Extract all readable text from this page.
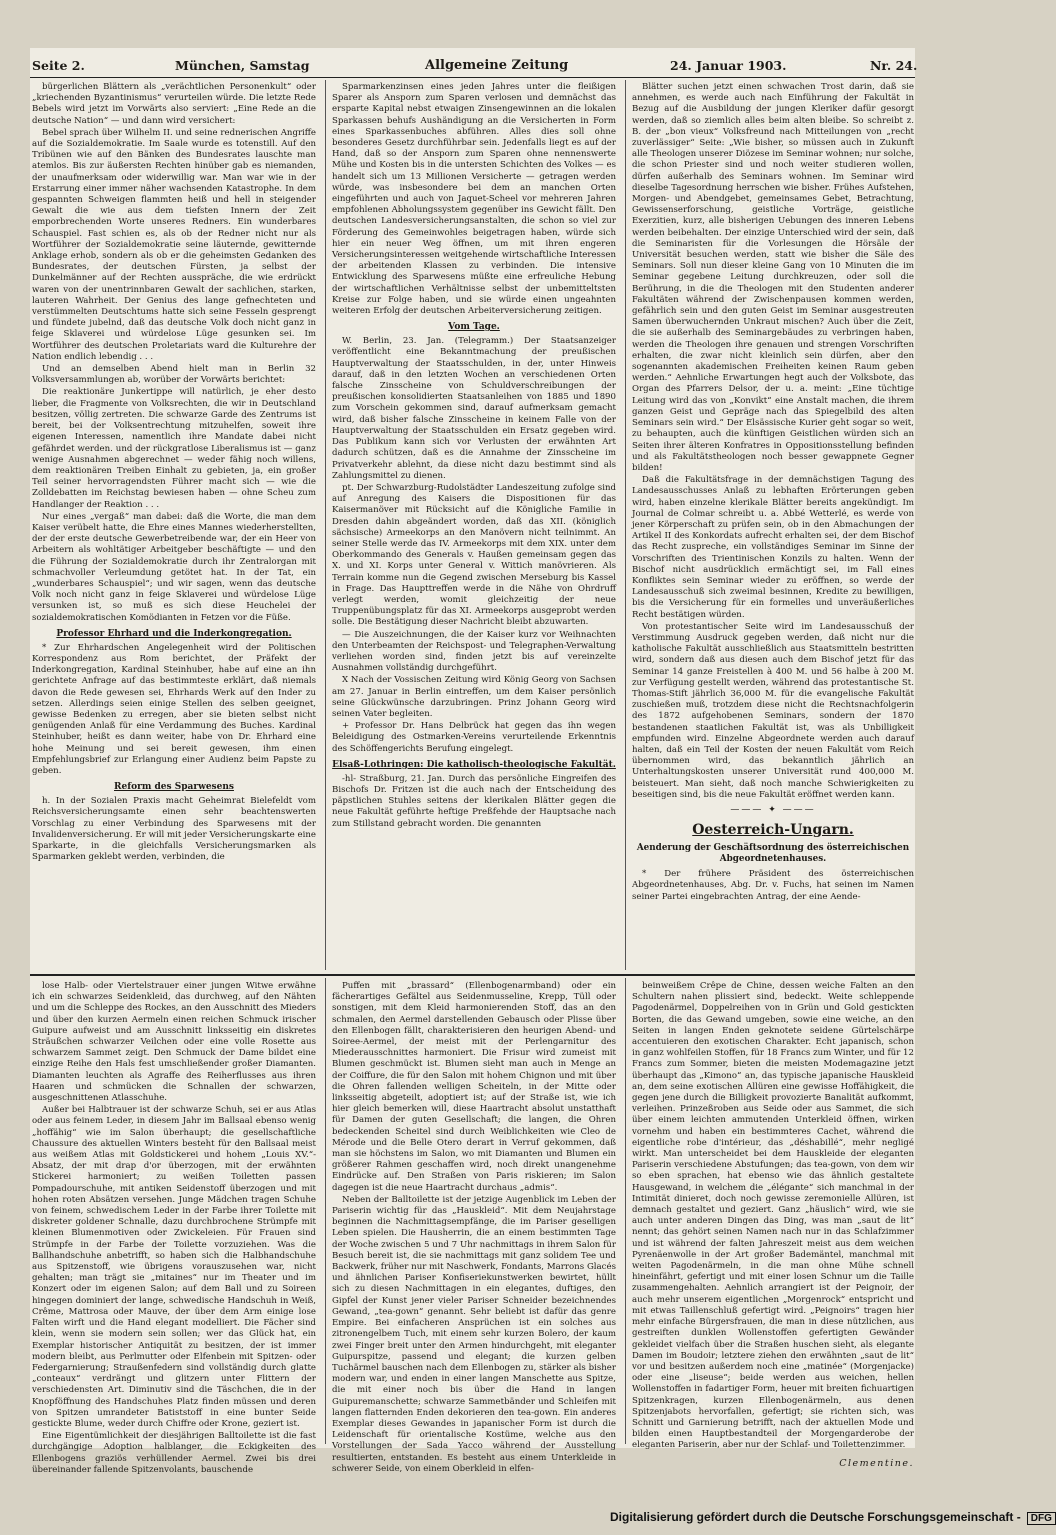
Seite 2.	München, Samstag	Allgemeine Zeitung	24. Januar 1903.	Nr. 24.

bürgerlichen Blättern als „verächtlichen Personenkult“ oder „kriechenden Byzantinismus“ verurteilen würde. Die letzte Rede Bebels wird jetzt im Vorwärts also serviert: „Eine Rede an die deutsche Nation“ — und dann wird versichert:

Bebel sprach über Wilhelm II. und seine rednerischen Angriffe auf die Sozialdemokratie. Im Saale wurde es totenstill. Auf den Tribünen wie auf den Bänken des Bundesrates lauschte man atemlos. Bis zur äußersten Rechten hinüber gab es niemanden, der unaufmerksam oder widerwillig war. Man war wie in der Erstarrung einer immer näher wachsenden Katastrophe. In dem gespannten Schweigen flammten heiß und hell in steigender Gewalt die wie aus dem tiefsten Innern der Zeit emporbrechenden Worte unseres Redners. Ein wunderbares Schauspiel. Fast schien es, als ob der Redner nicht nur als Wortführer der Sozialdemokratie seine läuternde, gewitternde Anklage erhob, sondern als ob er die geheimsten Gedanken des Bundesrates, der deutschen Fürsten, ja selbst der Dunkelmänner auf der Rechten ausspräche, die wie erdrückt waren von der unentrinnbaren Gewalt der sachlichen, starken, lauteren Wahrheit. Der Genius des lange gefnechteten und verstümmelten Deutschtums hatte sich seine Fesseln gesprengt und fündete jubelnd, daß das deutsche Volk doch nicht ganz in feige Sklaverei und würdelose Lüge gesunken sei. Im Wortführer des deutschen Proletariats ward die Kulturehre der Nation endlich lebendig . . .

Und an demselben Abend hielt man in Berlin 32 Volksversammlungen ab, worüber der Vorwärts berichtet:

Die reaktionäre Junkertippe will natürlich, je eher desto lieber, die Fragmente von Volksrechten, die wir in Deutschland besitzen, völlig zertreten. Die schwarze Garde des Zentrums ist bereit, bei der Volksentrechtung mitzuhelfen, soweit ihre eigenen Interessen, namentlich ihre Mandate dabei nicht gefährdet werden. und der rückgratlose Liberalismus ist — ganz wenige Ausnahmen abgerechnet — weder fähig noch willens, dem reaktionären Treiben Einhalt zu gebieten, ja, ein großer Teil seiner hervorragendsten Führer macht sich — wie die Zolldebatten im Reichstag bewiesen haben — ohne Scheu zum Handlanger der Reaktion . . .

Nur eines „vergaß“ man dabei: daß die Worte, die man dem Kaiser verübelt hatte, die Ehre eines Mannes wiederherstellten, der der erste deutsche Gewerbetreibende war, der ein Heer von Arbeitern als wohltätiger Arbeitgeber beschäftigte — und den die Führung der Sozialdemokratie durch ihr Zentralorgan mit schmachvoller Verleumdung getötet hat. In der Tat, ein „wunderbares Schauspiel“; und wir sagen, wenn das deutsche Volk noch nicht ganz in feige Sklaverei und würdelose Lüge versunken ist, so muß es sich diese Heuchelei der sozialdemokratischen Komödianten in Fetzen vor die Füße.

Professor Ehrhard und die Inderkongregation.

* Zur Ehrhardschen Angelegenheit wird der Politischen Korrespondenz aus Rom berichtet, der Präfekt der Inderkongregation, Kardinal Steinhuber, habe auf eine an ihn gerichtete Anfrage auf das bestimmteste erklärt, daß niemals davon die Rede gewesen sei, Ehrhards Werk auf den Inder zu setzen. Allerdings seien einige Stellen des selben geeignet, gewisse Bedenken zu erregen, aber sie bieten selbst nicht genügenden Anlaß für eine Verdammung des Buches. Kardinal Steinhuber, heißt es dann weiter, habe von Dr. Ehrhard eine hohe Meinung und sei bereit gewesen, ihm einen Empfehlungsbrief zur Erlangung einer Audienz beim Papste zu geben.

Reform des Sparwesens

h. In der Sozialen Praxis macht Geheimrat Bielefeldt vom Reichsversicherungsamte einen sehr beachtenswerten Vorschlag zu einer Verbindung des Sparwesens mit der Invalidenversicherung. Er will mit jeder Versicherungskarte eine Sparkarte, in die gleichfalls Versicherungsmarken als Sparmarken geklebt werden, verbinden, die

Sparmarkenzinsen eines jeden Jahres unter die fleißigen Sparer als Ansporn zum Sparen verlosen und demnächst das ersparte Kapital nebst etwaigen Zinsengewinnen an die lokalen Sparkassen behufs Aushändigung an die Versicherten in Form eines Sparkassenbuches abführen. Alles dies soll ohne besonderes Gesetz durchführbar sein. Jedenfalls liegt es auf der Hand, daß so der Ansporn zum Sparen ohne nennenswerte Mühe und Kosten bis in die untersten Schichten des Volkes — es handelt sich um 13 Millionen Versicherte — getragen werden würde, was insbesondere bei dem an manchen Orten eingeführten und auch von Jaquet-Scheel vor mehreren Jahren empfohlenen Abholungssystem gegenüber ins Gewicht fällt. Den deutschen Landesversicherungsanstalten, die schon so viel zur Förderung des Gemeinwohles beigetragen haben, würde sich hier ein neuer Weg öffnen, um mit ihren engeren Versicherungsinteressen weitgehende wirtschaftliche Interessen der arbeitenden Klassen zu verbinden. Die intensive Entwicklung des Sparwesens müßte eine erfreuliche Hebung der wirtschaftlichen Verhältnisse selbst der unbemitteltsten Kreise zur Folge haben, und sie würde einen ungeahnten weiteren Erfolg der deutschen Arbeiterversicherung zeitigen.

Vom Tage.

W. Berlin, 23. Jan. (Telegramm.) Der Staatsanzeiger veröffentlicht eine Bekanntmachung der preußischen Hauptverwaltung der Staatsschulden, in der, unter Hinweis darauf, daß in den letzten Wochen an verschiedenen Orten falsche Zinsscheine von Schuldverschreibungen der preußischen konsolidierten Staatsanleihen von 1885 und 1890 zum Vorschein gekommen sind, darauf aufmerksam gemacht wird, daß bisher falsche Zinsscheine in keinem Falle von der Hauptverwaltung der Staatsschulden ein Ersatz gegeben wird. Das Publikum kann sich vor Verlusten der erwähnten Art dadurch schützen, daß es die Annahme der Zinsscheine im Privatverkehr ablehnt, da diese nicht dazu bestimmt sind als Zahlungsmittel zu dienen.

pt. Der Schwarzburg-Rudolstädter Landeszeitung zufolge sind auf Anregung des Kaisers die Dispositionen für das Kaisermanöver mit Rücksicht auf die Königliche Familie in Dresden dahin abgeändert worden, daß das XII. (königlich sächsische) Armeekorps an den Manövern nicht teilnimmt. An seiner Stelle werde das IV. Armeekorps mit dem XIX. unter dem Oberkommando des Generals v. Haußen gemeinsam gegen das X. und XI. Korps unter General v. Wittich manövrieren. Als Terrain komme nun die Gegend zwischen Merseburg bis Kassel in Frage. Das Haupttreffen werde in die Nähe von Ohrdruff verlegt werden, womit gleichzeitig der neue Truppenübungsplatz für das XI. Armeekorps ausgeprobt werden solle. Die Bestätigung dieser Nachricht bleibt abzuwarten.

— Die Auszeichnungen, die der Kaiser kurz vor Weihnachten den Unterbeamten der Reichspost- und Telegraphen-Verwaltung verliehen worden sind, finden jetzt bis auf vereinzelte Ausnahmen vollständig durchgeführt.

X Nach der Vossischen Zeitung wird König Georg von Sachsen am 27. Januar in Berlin eintreffen, um dem Kaiser persönlich seine Glückwünsche darzubringen. Prinz Johann Georg wird seinen Vater begleiten.

+ Professor Dr. Hans Delbrück hat gegen das ihn wegen Beleidigung des Ostmarken-Vereins verurteilende Erkenntnis des Schöffengerichts Berufung eingelegt.

Elsaß-Lothringen: Die katholisch-theologische Fakultät.

-hl- Straßburg, 21. Jan. Durch das persönliche Eingreifen des Bischofs Dr. Fritzen ist die auch nach der Entscheidung des päpstlichen Stuhles seitens der klerikalen Blätter gegen die neue Fakultät geführte heftige Preßfehde der Hauptsache nach zum Stillstand gebracht worden. Die genannten

Blätter suchen jetzt einen schwachen Trost darin, daß sie annehmen, es werde auch nach Einführung der Fakultät in Bezug auf die Ausbildung der jungen Kleriker dafür gesorgt werden, daß so ziemlich alles beim alten bleibe. So schreibt z. B. der „bon vieux“ Volksfreund nach Mitteilungen von „recht zuverlässiger“ Seite: „Wie bisher, so müssen auch in Zukunft alle Theologen unserer Diözese im Seminar wohnen; nur solche, die schon Priester sind und noch weiter studieren wollen, dürfen außerhalb des Seminars wohnen. Im Seminar wird dieselbe Tagesordnung herrschen wie bisher. Frühes Aufstehen, Morgen- und Abendgebet, gemeinsames Gebet, Betrachtung, Gewissenserforschung, geistliche Vorträge, geistliche Exerzitien, kurz, alle bisherigen Uebungen des inneren Lebens werden beibehalten. Der einzige Unterschied wird der sein, daß die Seminaristen für die Vorlesungen die Hörsäle der Universität besuchen werden, statt wie bisher die Säle des Seminars. Soll nun dieser kleine Gang von 10 Minuten die im Seminar gegebene Leitung durchkreuzen, oder soll die Berührung, in die die Theologen mit den Studenten anderer Fakultäten während der Zwischenpausen kommen werden, gefährlich sein und den guten Geist im Seminar ausgestreuten Samen überwuchernden Unkraut mischen? Auch über die Zeit, die sie außerhalb des Seminargebäudes zu verbringen haben, werden die Theologen ihre genauen und strengen Vorschriften erhalten, die zwar nicht kleinlich sein dürfen, aber den sogenannten akademischen Freiheiten keinen Raum geben werden.“ Aehnliche Erwartungen hegt auch der Volksbote, das Organ des Pfarrers Delsor, der u. a. meint: „Eine tüchtige Leitung wird das von „Konvikt“ eine Anstalt machen, die ihrem ganzen Geist und Gepräge nach das Spiegelbild des alten Seminars sein wird.“ Der Elsässische Kurier geht sogar so weit, zu behaupten, auch die künftigen Geistlichen würden sich an Seiten ihrer älteren Konfratres in Oppositionsstellung befinden und als Fakultätstheologen noch besser gewappnete Gegner bilden!

Daß die Fakultätsfrage in der demnächstigen Tagung des Landesausschusses Anlaß zu lebhaften Erörterungen geben wird, haben einzelne klerikale Blätter bereits angekündigt. Im Journal de Colmar schreibt u. a. Abbé Wetterlé, es werde von jener Körperschaft zu prüfen sein, ob in den Abmachungen der Artikel II des Konkordats aufrecht erhalten sei, der dem Bischof das Recht zuspreche, ein vollständiges Seminar im Sinne der Vorschriften des Trientinischen Konzils zu halten. Wenn der Bischof nicht ausdrücklich ermächtigt sei, im Fall eines Konfliktes sein Seminar wieder zu eröffnen, so werde der Landesausschuß sich zweimal besinnen, Kredite zu bewilligen, bis die Versicherung für ein formelles und unveräußerliches Recht bestätigen würden.

Von protestantischer Seite wird im Landesausschuß der Verstimmung Ausdruck gegeben werden, daß nicht nur die katholische Fakultät ausschließlich aus Staatsmitteln bestritten wird, sondern daß aus diesen auch dem Bischof jetzt für das Seminar 14 ganze Freistellen à 400 M. und 56 halbe à 200 M. zur Verfügung gestellt werden, während das protestantische St. Thomas-Stift jährlich 36,000 M. für die evangelische Fakultät zuschießen muß, trotzdem diese nicht die Rechtsnachfolgerin des 1872 aufgehobenen Seminars, sondern der 1870 bestandenen staatlichen Fakultät ist, was als Unbilligkeit empfunden wird. Einzelne Abgeordnete werden auch darauf halten, daß ein Teil der Kosten der neuen Fakultät vom Reich übernommen wird, das bekanntlich jährlich an Unterhaltungskosten unserer Universität rund 400,000 M. beisteuert. Man sieht, daß noch manche Schwierigkeiten zu beseitigen sind, bis die neue Fakultät eröffnet werden kann.

——— ✦ ———
Oesterreich-Ungarn.
Aenderung der Geschäftsordnung des österreichischen Abgeordnetenhauses.

* Der frühere Präsident des österreichischen Abgeordnetenhauses, Abg. Dr. v. Fuchs, hat seinen im Namen seiner Partei eingebrachten Antrag, der eine Aende-

lose Halb- oder Viertelstrauer einer jungen Witwe erwähne ich ein schwarzes Seidenkleid, das durchweg, auf den Nähten und um die Schleppe des Rockes, an den Ausschnitt des Mieders und über den kurzen Aermeln einen reichen Schmuck irischer Guipure aufweist und am Ausschnitt linksseitig ein diskretes Sträußchen schwarzer Veilchen oder eine volle Rosette aus schwarzem Sammet zeigt. Den Schmuck der Dame bildet eine einzige Reihe den Hals fest umschließender großer Diamanten. Diamanten leuchten als Agraffe des Reiherflusses aus ihren Haaren und schmücken die Schnallen der schwarzen, ausgeschnittenen Atlasschuhe.

Außer bei Halbtrauer ist der schwarze Schuh, sei er aus Atlas oder aus feinem Leder, in diesem Jahr im Ballsaal ebenso wenig „hoffähig“ wie im Salon überhaupt; die gesellschaftliche Chaussure des aktuellen Winters besteht für den Ballsaal meist aus weißem Atlas mit Goldstickerei und hohem „Louis XV.“-Absatz, der mit drap d'or überzogen, mit der erwähnten Stickerei harmoniert; zu weißen Toiletten passen Pompadourschuhe, mit antiken Seidenstoff überzogen und mit hohen roten Absätzen versehen. Junge Mädchen tragen Schuhe von feinem, schwedischem Leder in der Farbe ihrer Toilette mit diskreter goldener Schnalle, dazu durchbrochene Strümpfe mit kleinen Blumenmotiven oder Zwickeleien. Für Frauen sind Strümpfe in der Farbe der Toilette vorzuziehen. Was die Ballhandschuhe anbetrifft, so haben sich die Halbhandschuhe aus Spitzenstoff, wie übrigens vorauszusehen war, nicht gehalten; man trägt sie „mitaines“ nur im Theater und im Konzert oder im eigenen Salon; auf dem Ball und zu Soireen hingegen dominiert der lange, schwedische Handschuh in Weiß, Crême, Mattrosa oder Mauve, der über dem Arm einige lose Falten wirft und die Hand elegant modelliert. Die Fächer sind klein, wenn sie modern sein sollen; wer das Glück hat, ein Exemplar historischer Antiquität zu besitzen, der ist immer modern bleibt, aus Perlmutter oder Elfenbein mit Spitzen- oder Federgarnierung; Straußenfedern sind vollständig durch glatte „conteaux“ verdrängt und glitzern unter Flittern der verschiedensten Art. Diminutiv sind die Täschchen, die in der Knopföffnung des Handschuhes Platz finden müssen und deren von Spitzen umrandeter Batiststoff in eine bunter Seide gestickte Blume, weder durch Chiffre oder Krone, geziert ist.

Eine Eigentümlichkeit der diesjährigen Balltoilette ist die fast durchgängige Adoption halblanger, die Eckigkeiten des Ellenbogens graziös verhüllender Aermel. Zwei bis drei übereinander fallende Spitzenvolants, bauschende

Puffen mit „brassard“ (Ellenbogenarmband) oder ein fächerartiges Gefältel aus Seidenmusseline, Krepp, Tüll oder sonstigen, mit dem Kleid harmonierenden Stoff, das an den schmalen, den Aermel darstellenden Gebausch oder Plisse über den Ellenbogen fällt, charakterisieren den heurigen Abend- und Soiree-Aermel, der meist mit der Perlengarnitur des Miederausschnittes harmoniert. Die Frisur wird zumeist mit Blumen geschmückt ist. Blumen sieht man auch in Menge an der Coiffure, die für den Salon mit hohem Chignon und mit über die Ohren fallenden welligen Scheiteln, in der Mitte oder linksseitig abgeteilt, adoptiert ist; auf der Straße ist, wie ich hier gleich bemerken will, diese Haartracht absolut unstatthaft für Damen der guten Gesellschaft; die langen, die Ohren bedeckenden Scheitel sind durch Weiblichkeiten wie Cleo de Mérode und die Belle Otero derart in Verruf gekommen, daß man sie höchstens im Salon, wo mit Diamanten und Blumen ein größerer Rahmen geschaffen wird, noch direkt unangenehme Eindrücke auf. Den Straßen von Paris riskieren; im Salon dagegen ist die neue Haartracht durchaus „admis“.

Neben der Balltoilette ist der jetzige Augenblick im Leben der Pariserin wichtig für das „Hauskleid“. Mit dem Neujahrstage beginnen die Nachmittagsempfänge, die im Pariser geselligen Leben spielen. Die Hausherrin, die an einem bestimmten Tage der Woche zwischen 5 und 7 Uhr nachmittags in ihrem Salon für Besuch bereit ist, die sie nachmittags mit ganz solidem Tee und Backwerk, früher nur mit Naschwerk, Fondants, Marrons Glacés und ähnlichen Pariser Konfiseriekunstwerken bewirtet, hüllt sich zu diesen Nachmittagen in ein elegantes, duftiges, den Gipfel der Kunst jener vieler Pariser Schneider bezeichnendes Gewand, „tea-gown“ genannt. Sehr beliebt ist dafür das genre Empire. Bei einfacheren Ansprüchen ist ein solches aus zitronengelbem Tuch, mit einem sehr kurzen Bolero, der kaum zwei Finger breit unter den Armen hindurchgeht, mit eleganter Guipurspitze, passend und elegant; die kurzen gelben Tuchärmel bauschen nach dem Ellenbogen zu, stärker als bisher modern war, und enden in einer langen Manschette aus Spitze, die mit einer noch bis über die Hand in langen Guipuremanschette; schwarze Sammetbänder und Schleifen mit langen flatternden Enden dekorieren den tea-gown. Ein anderes Exemplar dieses Gewandes in japanischer Form ist durch die Leidenschaft für orientalische Kostüme, welche aus den Vorstellungen der Sada Yacco während der Ausstellung resultierten, entstanden. Es besteht aus einem Unterkleide in schwerer Seide, von einem Oberkleid in elfen-

beinweißem Crêpe de Chine, dessen weiche Falten an den Schultern nahen plissiert sind, bedeckt. Weite schleppende Pagodenärmel, Doppelreihen von in Grün und Gold gestickten Borten, die das Gewand umgeben, sowie eine weiche, an den Seiten in langen Enden geknotete seidene Gürtelschärpe accentuieren den exotischen Charakter. Echt japanisch, schon in ganz wohlfeilen Stoffen, für 18 Francs zum Winter, und für 12 Francs zum Sommer, bieten die meisten Modemagazine jetzt überhaupt das „Kimono“ an, das typische japanische Hauskleid an, dem seine exotischen Allüren eine gewisse Hoffähigkeit, die gegen jene durch die Billigkeit provozierte Banalität aufkommt, verleihen. Prinzeßroben aus Seide oder aus Sammet, die sich über einem leichten ammutenden Unterkleid öffnen, wirken vornehm und haben ein bestimmteres Cachet, während die eigentliche robe d'intérieur, das „déshabillé“, mehr negligé wirkt. Man unterscheidet bei dem Hauskleide der eleganten Pariserin verschiedene Abstufungen; das tea-gown, von dem wir so eben sprachen, hat ebenso wie das ähnlich gestaltete Hausgewand, in welchem die „élégante“ sich manchmal in der Intimität dinieret, doch noch gewisse zeremonielle Allüren, ist demnach gestaltet und geziert. Ganz „häuslich“ wird, wie sie auch unter anderen Dingen das Ding, was man „saut de lit“ nennt; das gehört seinen Namen nach nur in das Schlafzimmer und ist während der falten Jahreszeit meist aus dem weichen Pyrenäenwolle in der Art großer Bademäntel, manchmal mit weiten Pagodenärmeln, in die man ohne Mühe schnell hineinfährt, gefertigt und mit einer losen Schnur um die Taille zusammengehalten. Aehnlich arrangiert ist der Peignoir, der auch mehr unserem eigentlichen „Morgenrock“ entspricht und mit etwas Taillenschluß gefertigt wird. „Peignoirs“ tragen hier mehr einfache Bürgersfrauen, die man in diese nützlichen, aus gestreiften dunklen Wollenstoffen gefertigten Gewänder gekleidet vielfach über die Straßen huschen sieht, als elegante Damen im Boudoir; letztere ziehen den erwähnten „saut de lit“ vor und besitzen außerdem noch eine „matinée“ (Morgenjacke) oder eine „liseuse“; beide werden aus weichen, hellen Wollenstoffen in fadartiger Form, heuer mit breiten fichuartigen Spitzenkragen, kurzen Ellenbogenärmeln, aus denen Spitzenjabots hervorfallen, gefertigt; sie richten sich, was Schnitt und Garnierung betrifft, nach der aktuellen Mode und bilden einen Hauptbestandteil der Morgengarderobe der eleganten Pariserin, aber nur der Schlaf- und Toilettenzimmer.

Clementine.
Digitalisierung gefördert durch die Deutsche Forschungsgemeinschaft - DFG
